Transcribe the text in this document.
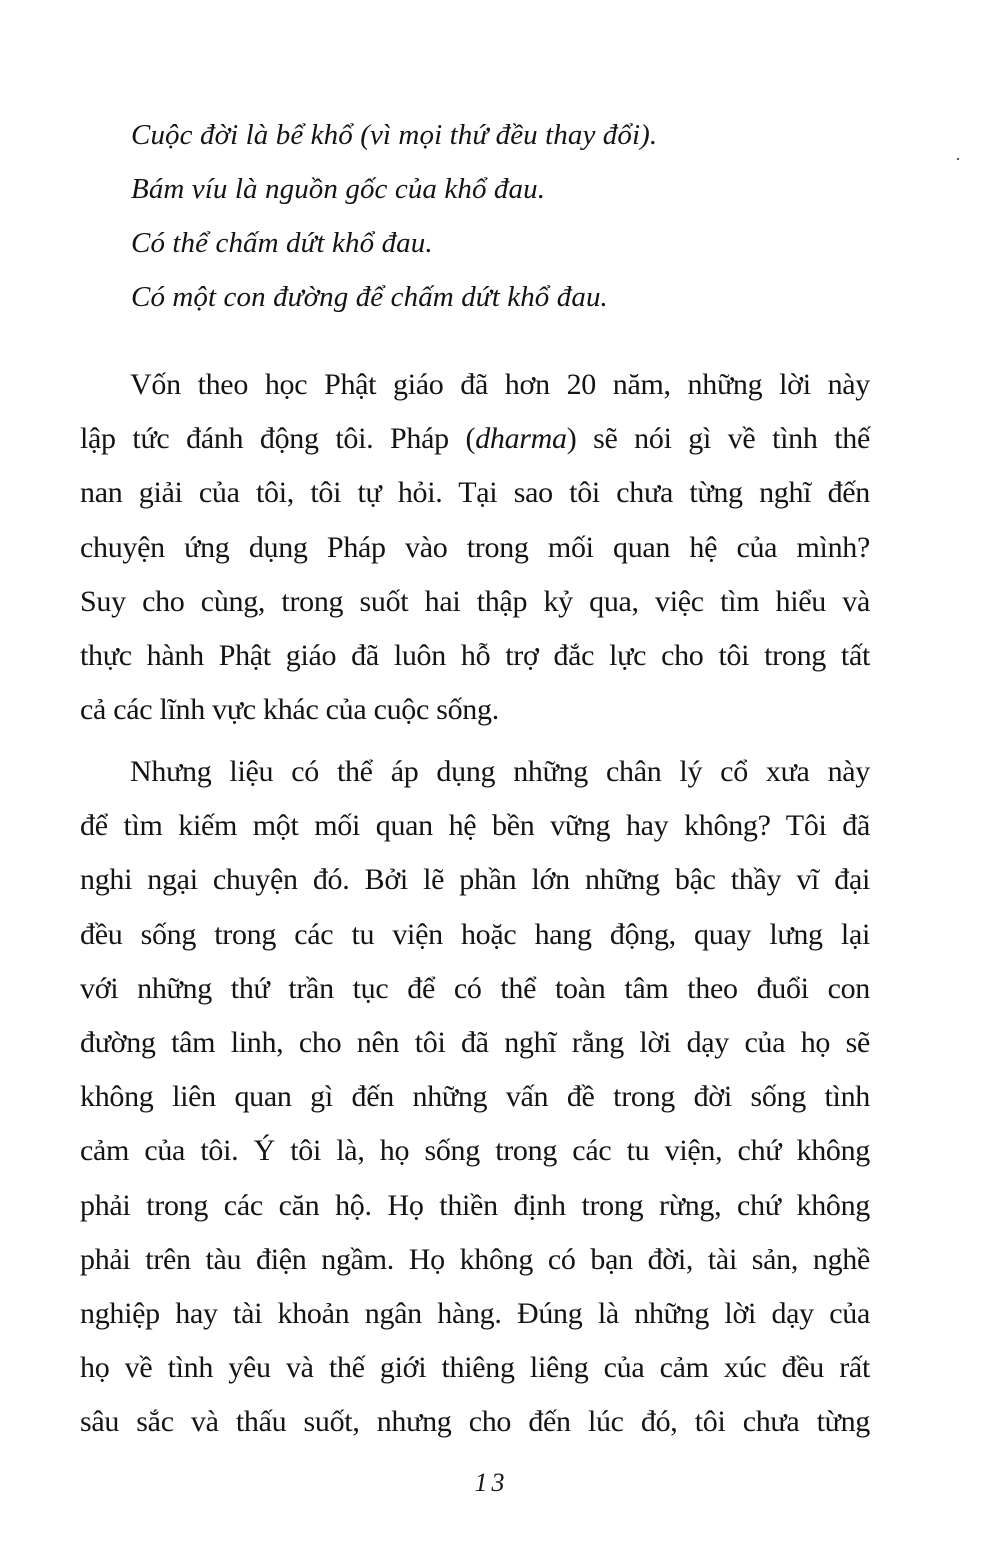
Cuộc đời là bể khổ (vì mọi thứ đều thay đổi).
Bám víu là nguồn gốc của khổ đau.
Có thể chấm dứt khổ đau.
Có một con đường để chấm dứt khổ đau.
Vốn theo học Phật giáo đã hơn 20 năm, những lời này
lập tức đánh động tôi. Pháp (dharma) sẽ nói gì về tình thế
nan giải của tôi, tôi tự hỏi. Tại sao tôi chưa từng nghĩ đến
chuyện ứng dụng Pháp vào trong mối quan hệ của mình?
Suy cho cùng, trong suốt hai thập kỷ qua, việc tìm hiểu và
thực hành Phật giáo đã luôn hỗ trợ đắc lực cho tôi trong tất
cả các lĩnh vực khác của cuộc sống.
Nhưng liệu có thể áp dụng những chân lý cổ xưa này
để tìm kiếm một mối quan hệ bền vững hay không? Tôi đã
nghi ngại chuyện đó. Bởi lẽ phần lớn những bậc thầy vĩ đại
đều sống trong các tu viện hoặc hang động, quay lưng lại
với những thứ trần tục để có thể toàn tâm theo đuổi con
đường tâm linh, cho nên tôi đã nghĩ rằng lời dạy của họ sẽ
không liên quan gì đến những vấn đề trong đời sống tình
cảm của tôi. Ý tôi là, họ sống trong các tu viện, chứ không
phải trong các căn hộ. Họ thiền định trong rừng, chứ không
phải trên tàu điện ngầm. Họ không có bạn đời, tài sản, nghề
nghiệp hay tài khoản ngân hàng. Đúng là những lời dạy của
họ về tình yêu và thế giới thiêng liêng của cảm xúc đều rất
sâu sắc và thấu suốt, nhưng cho đến lúc đó, tôi chưa từng
13
